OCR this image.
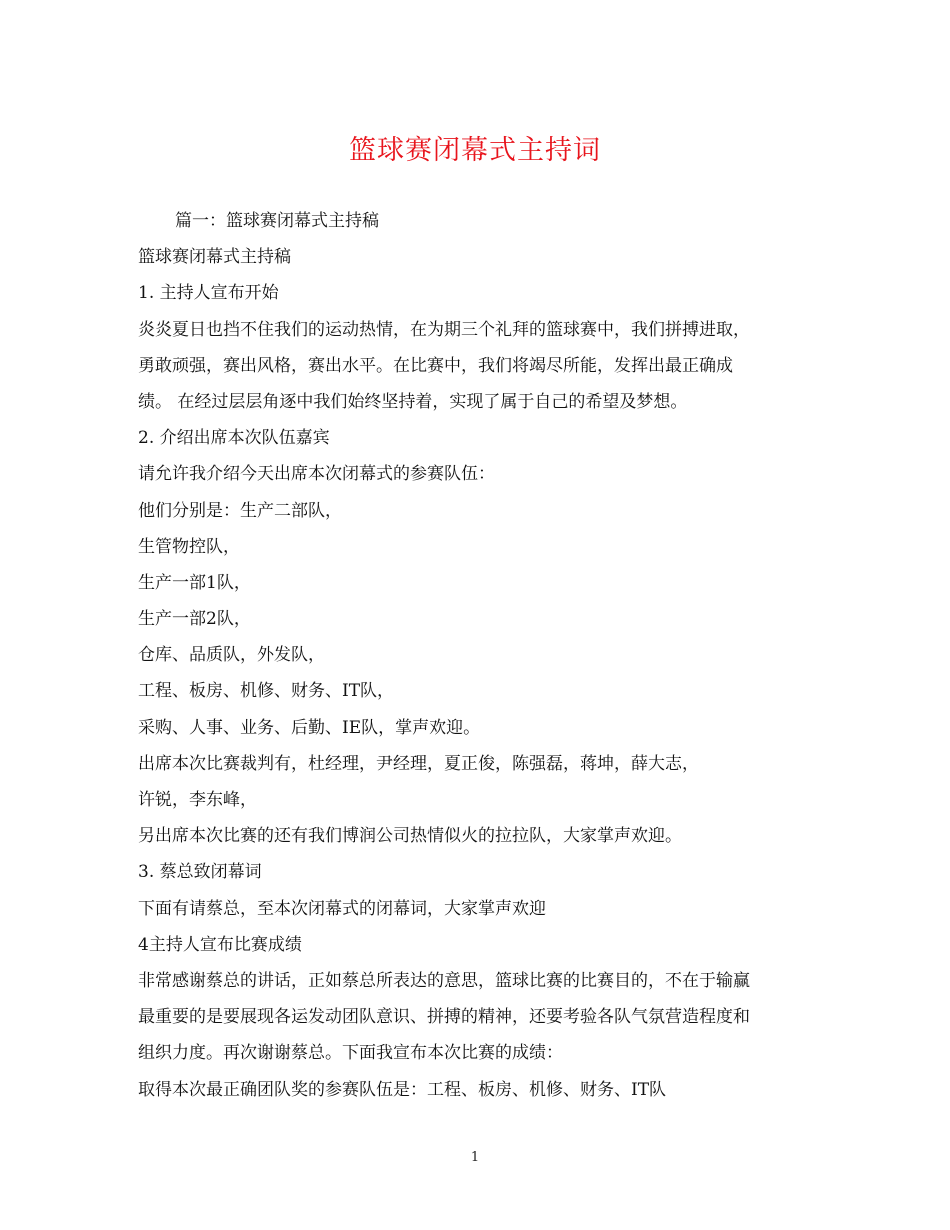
篮球赛闭幕式主持词
篇一：篮球赛闭幕式主持稿
篮球赛闭幕式主持稿
1. 主持人宣布开始
炎炎夏日也挡不住我们的运动热情，在为期三个礼拜的篮球赛中，我们拼搏进取，
勇敢顽强，赛出风格，赛出水平。在比赛中，我们将竭尽所能，发挥出最正确成
绩。 在经过层层角逐中我们始终坚持着，实现了属于自己的希望及梦想。
2. 介绍出席本次队伍嘉宾
请允许我介绍今天出席本次闭幕式的参赛队伍：
他们分别是：生产二部队，
生管物控队，
生产一部1队，
生产一部2队，
仓库、品质队，外发队，
工程、板房、机修、财务、IT队，
采购、人事、业务、后勤、IE队，掌声欢迎。
出席本次比赛裁判有，杜经理，尹经理，夏正俊，陈强磊，蒋坤，薛大志，
许锐，李东峰，
另出席本次比赛的还有我们博润公司热情似火的拉拉队，大家掌声欢迎。
3. 蔡总致闭幕词
下面有请蔡总，至本次闭幕式的闭幕词，大家掌声欢迎
4主持人宣布比赛成绩
非常感谢蔡总的讲话，正如蔡总所表达的意思，篮球比赛的比赛目的，不在于输赢
最重要的是要展现各运发动团队意识、拼搏的精神，还要考验各队气氛营造程度和
组织力度。再次谢谢蔡总。下面我宣布本次比赛的成绩：
取得本次最正确团队奖的参赛队伍是：工程、板房、机修、财务、IT队
1
